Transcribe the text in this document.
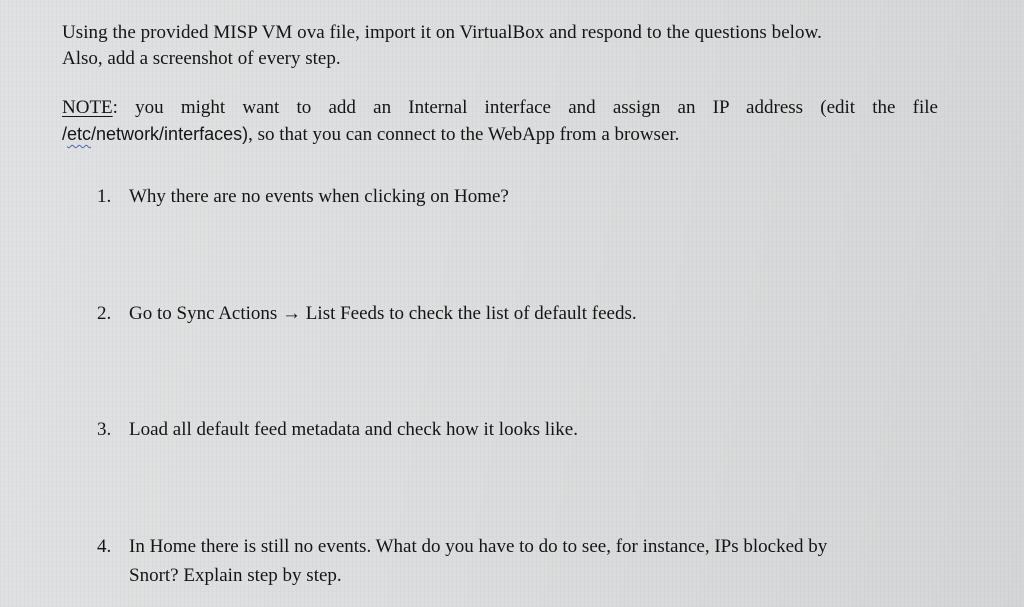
Using the provided MISP VM ova file, import it on VirtualBox and respond to the questions below.
Also, add a screenshot of every step.
NOTE: you might want to add an Internal interface and assign an IP address (edit the file
/etc/network/interfaces), so that you can connect to the WebApp from a browser.
1. Why there are no events when clicking on Home?
2. Go to Sync Actions → List Feeds to check the list of default feeds.
3. Load all default feed metadata and check how it looks like.
4. In Home there is still no events. What do you have to do to see, for instance, IPs blocked by
Snort? Explain step by step.
